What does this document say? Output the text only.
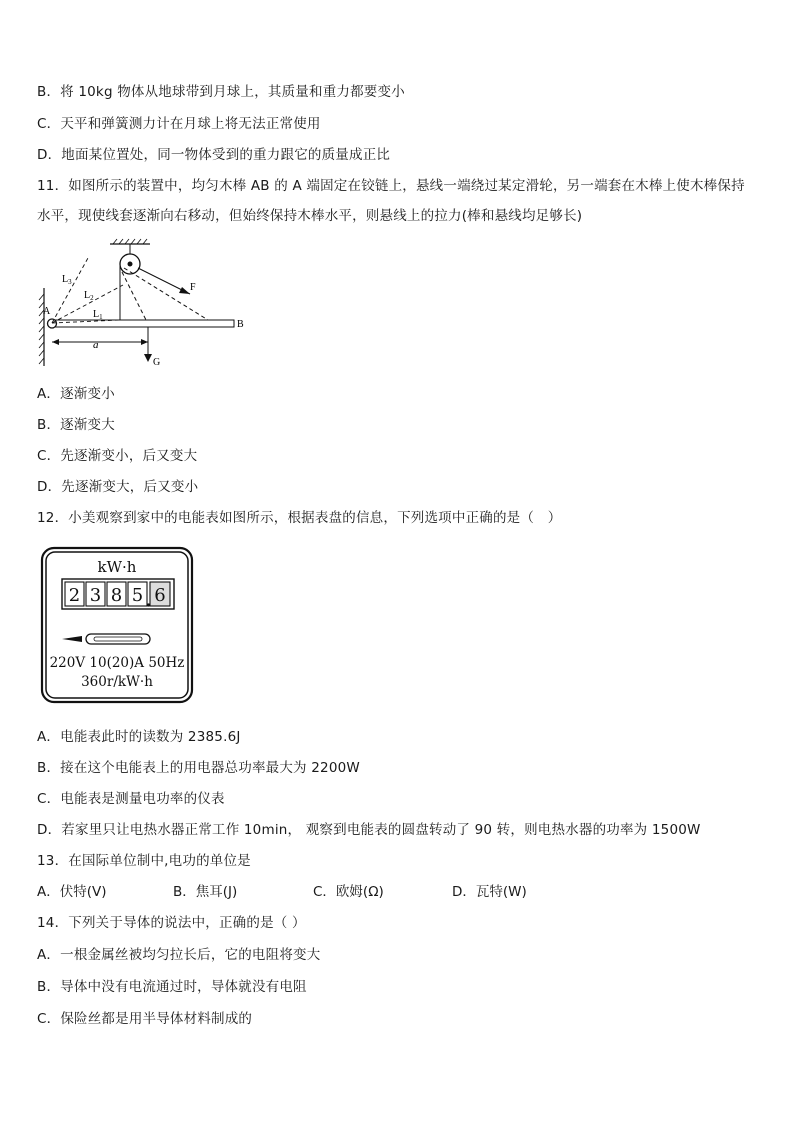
B．将 10kg 物体从地球带到月球上，其质量和重力都要变小
C．天平和弹簧测力计在月球上将无法正常使用
D．地面某位置处，同一物体受到的重力跟它的质量成正比
11．如图所示的装置中，均匀木棒 AB 的 A 端固定在铰链上，悬线一端绕过某定滑轮，另一端套在木棒上使木棒保持水平，现使线套逐渐向右移动，但始终保持木棒水平，则悬线上的拉力(棒和悬线均足够长)
A
B
F
G
a
$L_1$
$L_2$
$L_3$
A．逐渐变小
B．逐渐变大
C．先逐渐变小，后又变大
D．先逐渐变大，后又变小
12．小美观察到家中的电能表如图所示，根据表盘的信息，下列选项中正确的是（　）
kW·h
2 3 8 5 6
220V 10(20)A 50Hz
360r/kW·h
A．电能表此时的读数为 2385.6J
B．接在这个电能表上的用电器总功率最大为 2200W
C．电能表是测量电功率的仪表
D．若家里只让电热水器正常工作 10min， 观察到电能表的圆盘转动了 90 转，则电热水器的功率为 1500W
13．在国际单位制中,电功的单位是
A．伏特(V)	B．焦耳(J)	C．欧姆(Ω)	D．瓦特(W)
14．下列关于导体的说法中，正确的是（ ）
A．一根金属丝被均匀拉长后，它的电阻将变大
B．导体中没有电流通过时，导体就没有电阻
C．保险丝都是用半导体材料制成的
